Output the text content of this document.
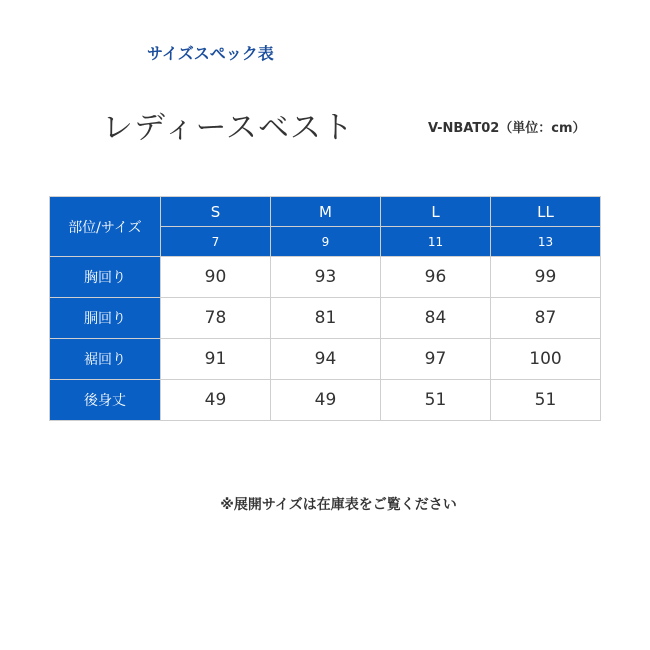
サイズスペック表
レディースベスト	V-NBAT02（単位：cm）
部位/サイズ	S	M	L	LL
	7	9	11	13
胸回り	90	93	96	99
胴回り	78	81	84	87
裾回り	91	94	97	100
後身丈	49	49	51	51
※展開サイズは在庫表をご覧ください
